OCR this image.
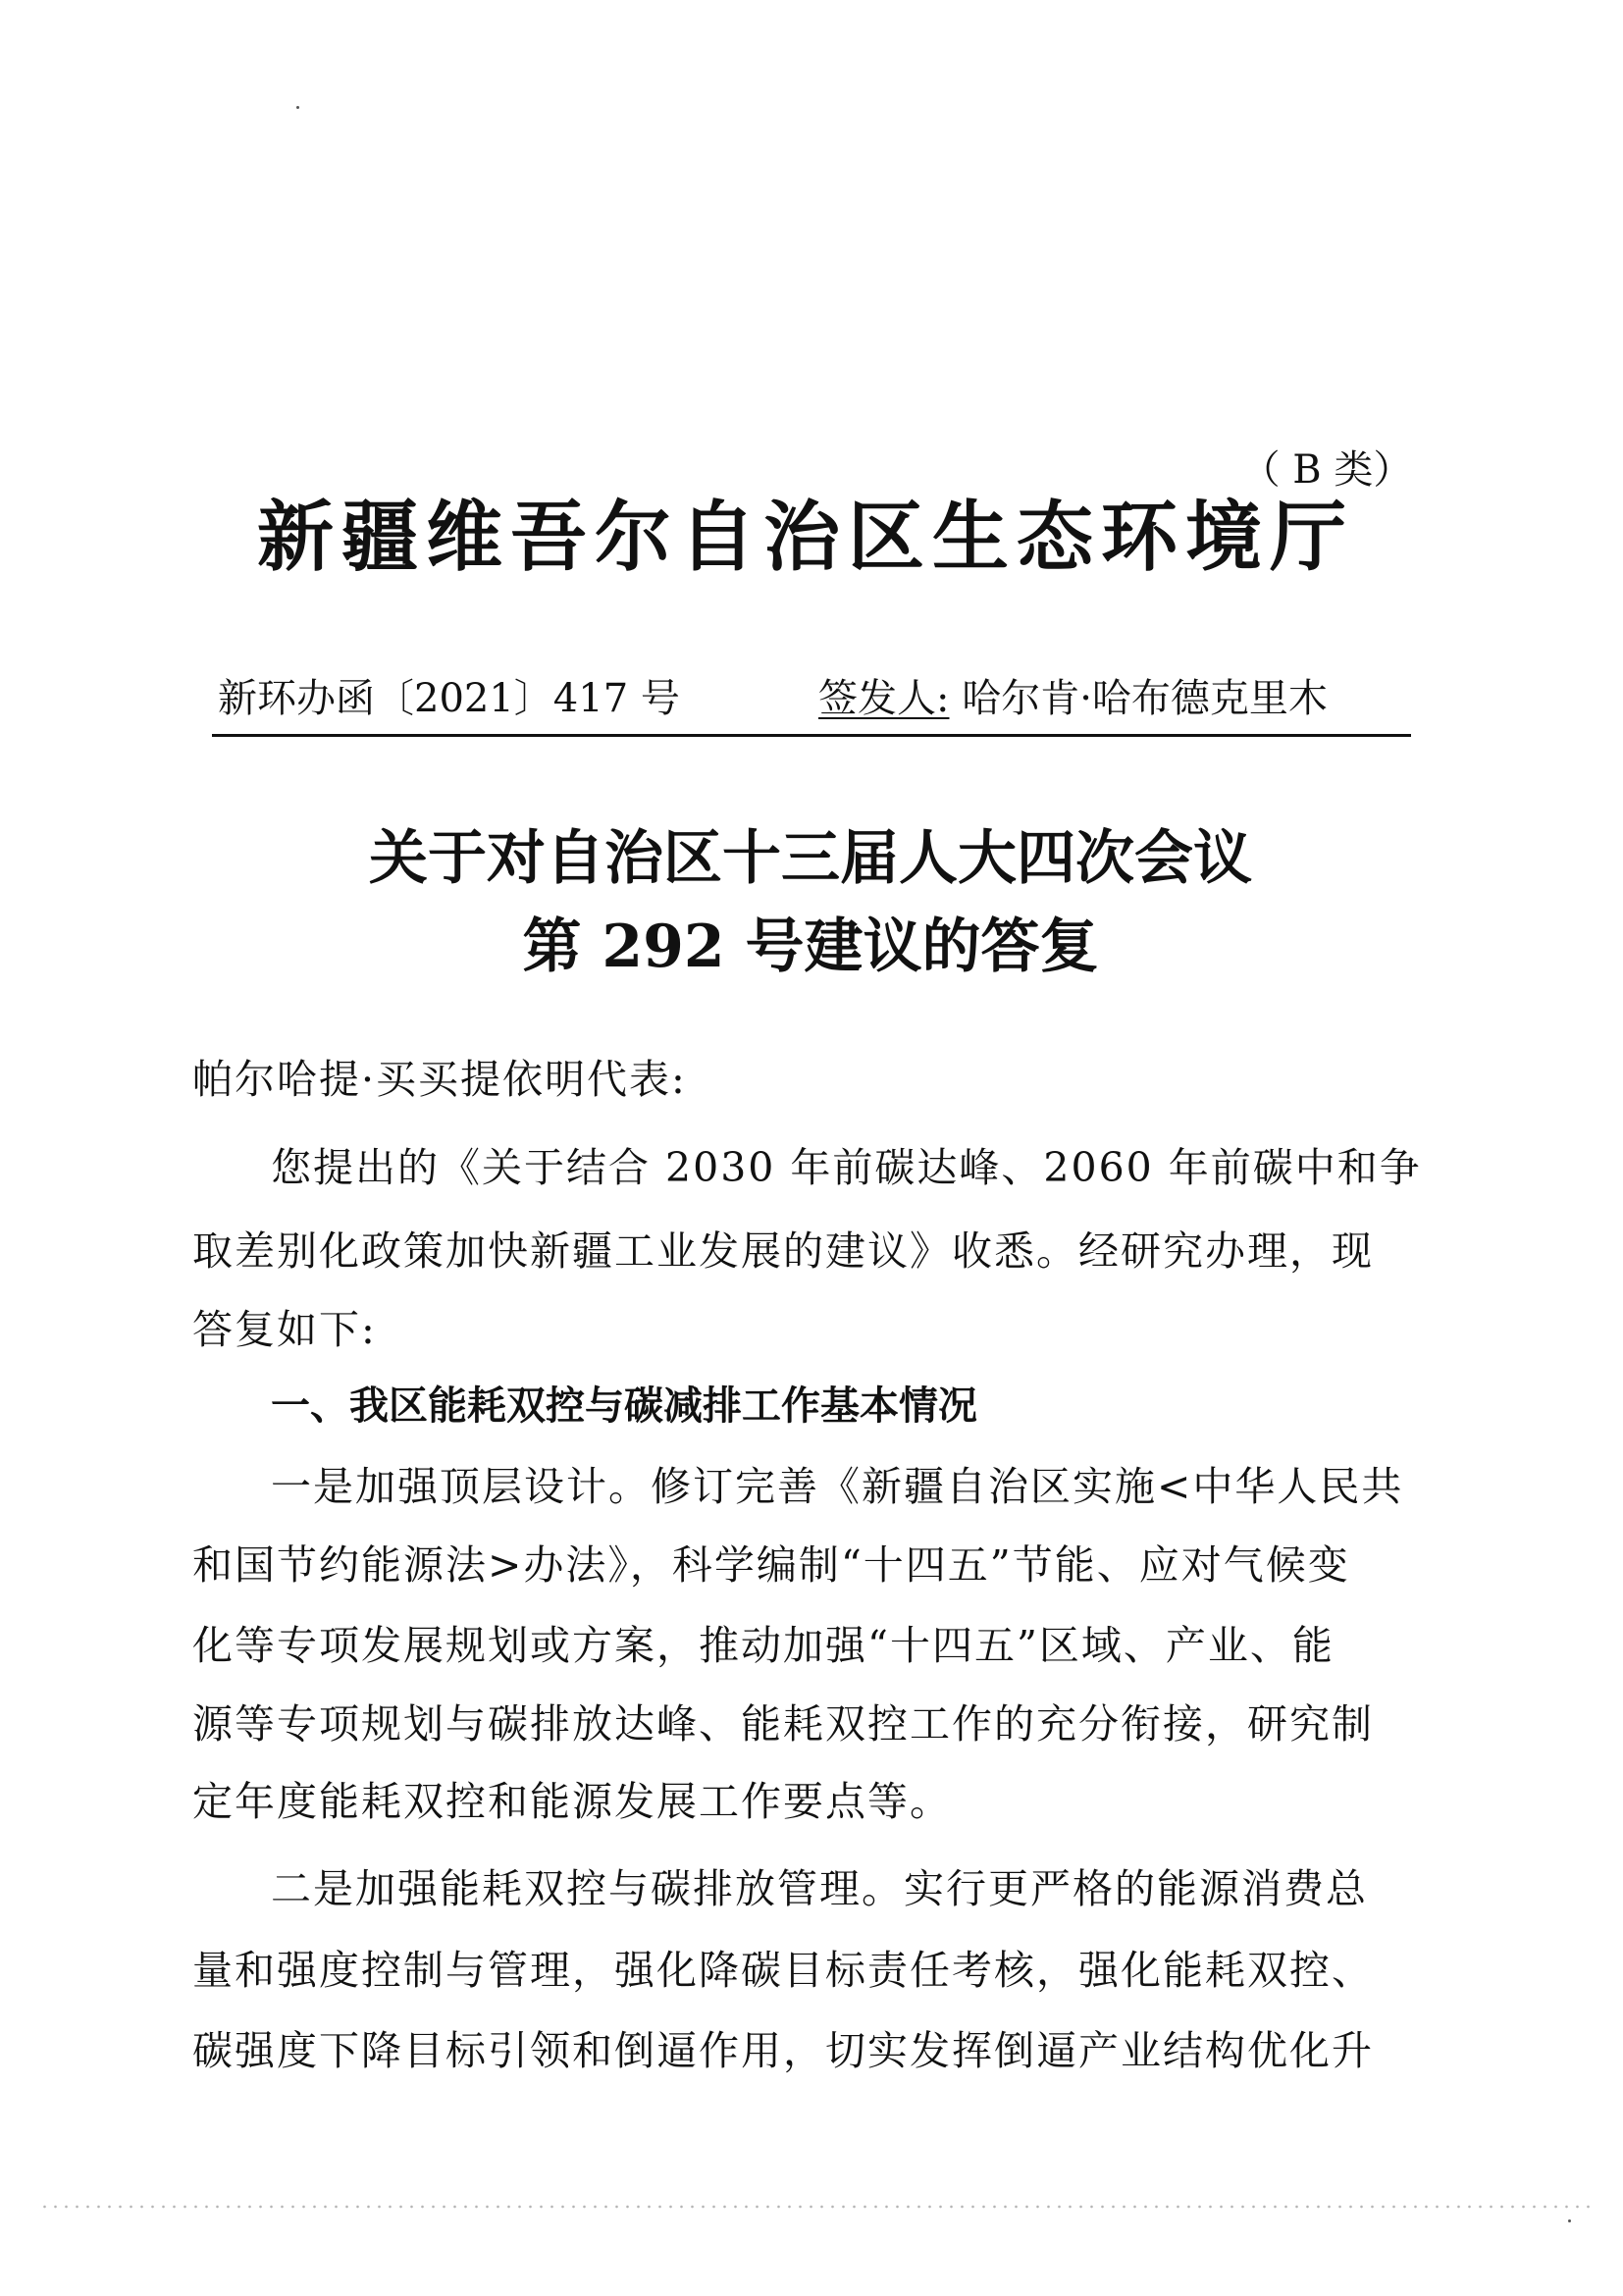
（ B 类）
新疆维吾尔自治区生态环境厅
新环办函〔2021〕417 号	签发人: 哈尔肯·哈布德克里木
关于对自治区十三届人大四次会议
第 292 号建议的答复
帕尔哈提·买买提依明代表:
您提出的《关于结合 2030 年前碳达峰、2060 年前碳中和争
取差别化政策加快新疆工业发展的建议》收悉。经研究办理，现
答复如下:
一、我区能耗双控与碳减排工作基本情况
一是加强顶层设计。修订完善《新疆自治区实施<中华人民共
和国节约能源法>办法》，科学编制“十四五”节能、应对气候变
化等专项发展规划或方案，推动加强“十四五”区域、产业、能
源等专项规划与碳排放达峰、能耗双控工作的充分衔接，研究制
定年度能耗双控和能源发展工作要点等。
二是加强能耗双控与碳排放管理。实行更严格的能源消费总
量和强度控制与管理，强化降碳目标责任考核，强化能耗双控、
碳强度下降目标引领和倒逼作用，切实发挥倒逼产业结构优化升
